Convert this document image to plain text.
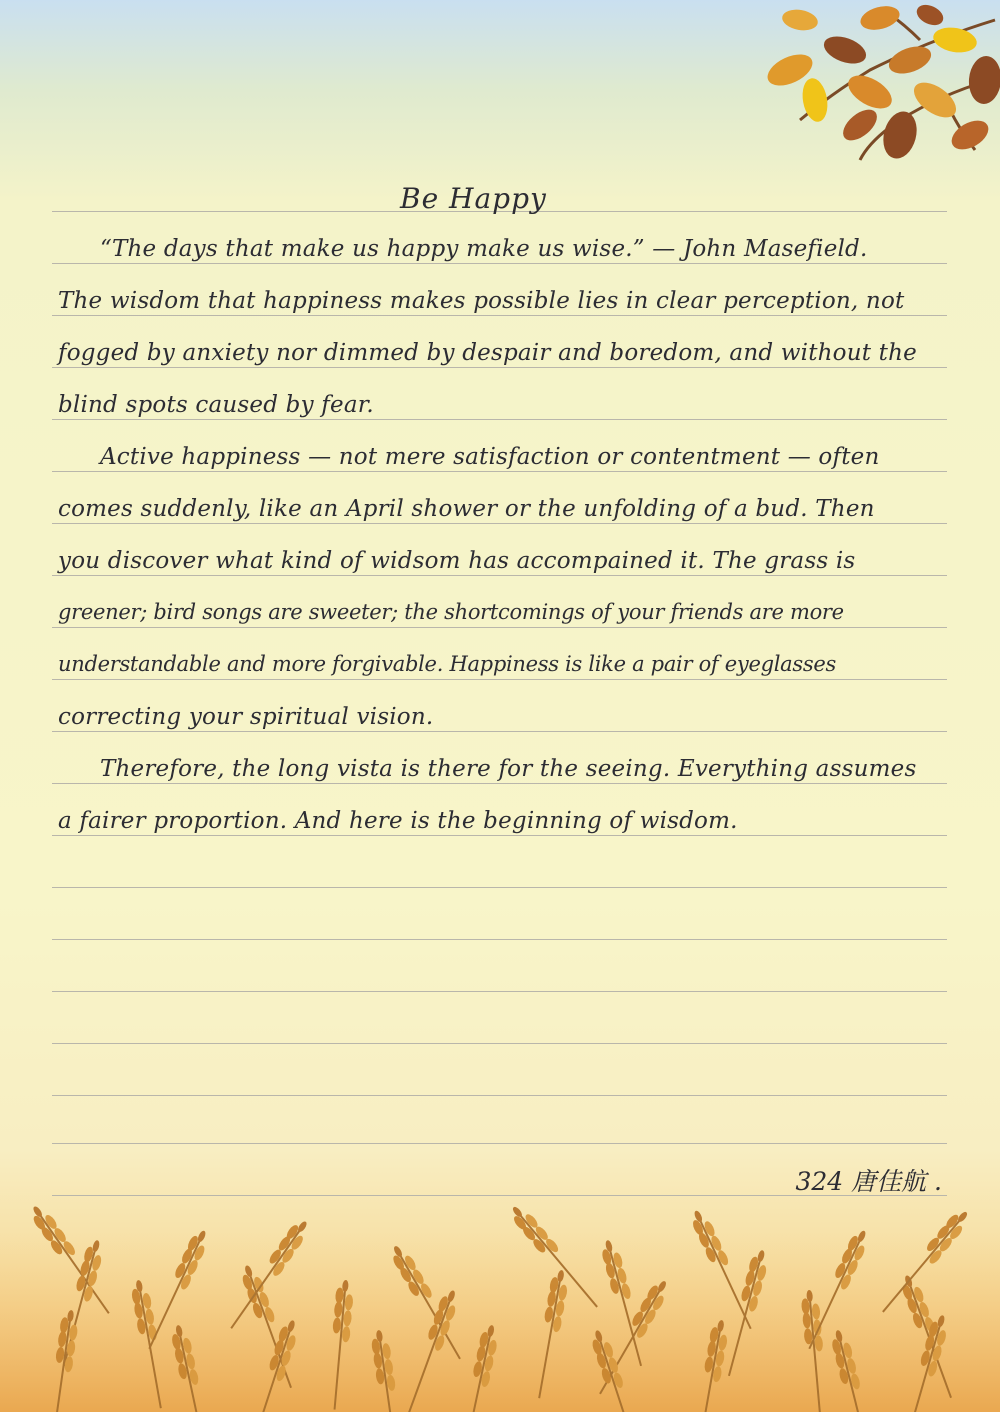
Be Happy
“The days that make us happy make us wise.” — John Masefield.
The wisdom that happiness makes possible lies in clear perception, not
fogged by anxiety nor dimmed by despair and boredom, and without the
blind spots caused by fear.
Active happiness — not mere satisfaction or contentment — often
comes suddenly, like an April shower or the unfolding of a bud. Then
you discover what kind of widsom has accompained it. The grass is
greener; bird songs are sweeter; the shortcomings of your friends are more
understandable and more forgivable. Happiness is like a pair of eyeglasses
correcting your spiritual vision.
Therefore, the long vista is there for the seeing. Everything assumes
a fairer proportion. And here is the beginning of wisdom.
324 唐佳航 .
